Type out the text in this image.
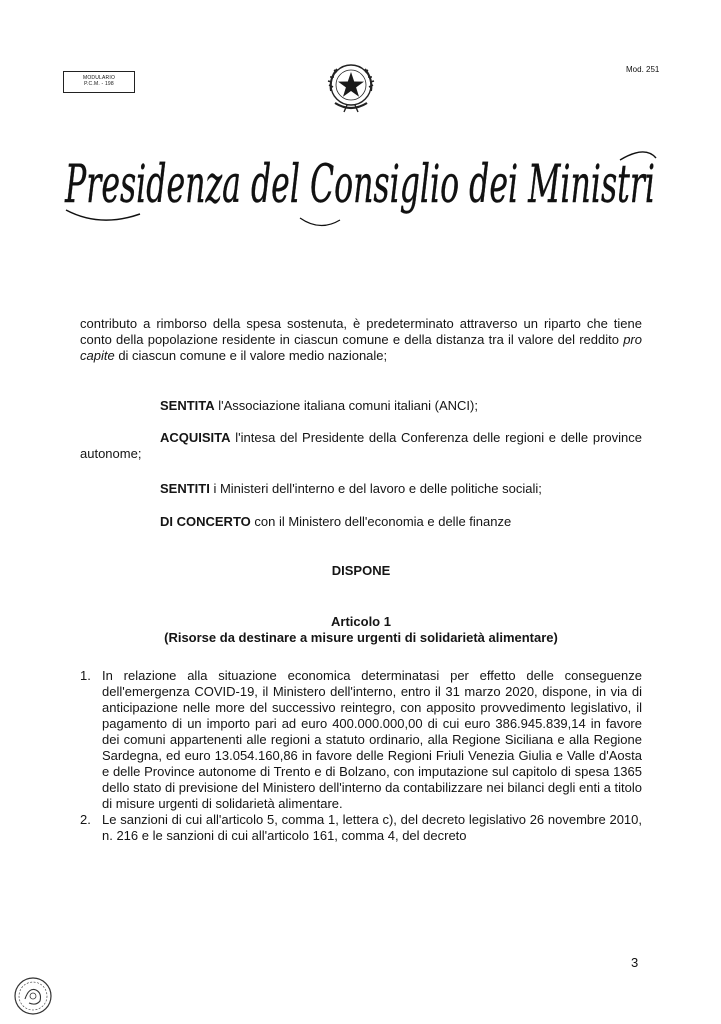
MODULARIO
P.C.M. - 198
Mod. 251
Presidenza del Consiglio dei Ministri

contributo a rimborso della spesa sostenuta, è predeterminato attraverso un riparto che tiene conto della popolazione residente in ciascun comune e della distanza tra il valore del reddito pro capite di ciascun comune e il valore medio nazionale;

SENTITA l'Associazione italiana comuni italiani (ANCI);

ACQUISITA l'intesa del Presidente della Conferenza delle regioni e delle province autonome;

SENTITI i Ministeri dell'interno e del lavoro e delle politiche sociali;

DI CONCERTO con il Ministero dell'economia e delle finanze

DISPONE

Articolo 1

(Risorse da destinare a misure urgenti di solidarietà alimentare)

1. In relazione alla situazione economica determinatasi per effetto delle conseguenze dell'emergenza COVID-19, il Ministero dell'interno, entro il 31 marzo 2020, dispone, in via di anticipazione nelle more del successivo reintegro, con apposito provvedimento legislativo, il pagamento di un importo pari ad euro 400.000.000,00 di cui euro 386.945.839,14 in favore dei comuni appartenenti alle regioni a statuto ordinario, alla Regione Siciliana e alla Regione Sardegna, ed euro 13.054.160,86 in favore delle Regioni Friuli Venezia Giulia e Valle d'Aosta e delle Province autonome di Trento e di Bolzano, con imputazione sul capitolo di spesa 1365 dello stato di previsione del Ministero dell'interno da contabilizzare nei bilanci degli enti a titolo di misure urgenti di solidarietà alimentare.
2. Le sanzioni di cui all'articolo 5, comma 1, lettera c), del decreto legislativo 26 novembre 2010, n. 216 e le sanzioni di cui all'articolo 161, comma 4, del decreto
3
